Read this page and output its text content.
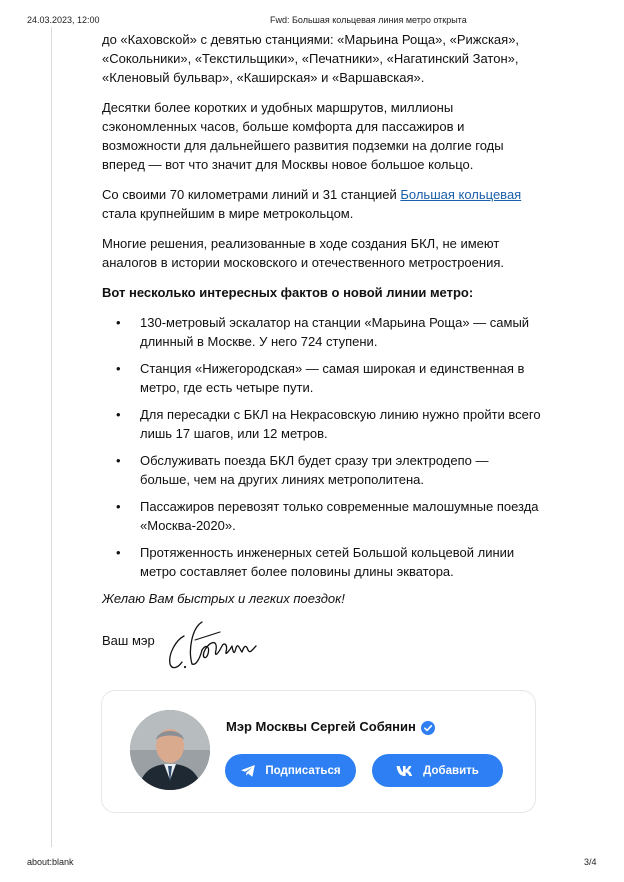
24.03.2023, 12:00	Fwd: Большая кольцевая линия метро открыта

до «Каховской» с девятью станциями: «Марьина Роща», «Рижская», «Сокольники», «Текстильщики», «Печатники», «Нагатинский Затон», «Кленовый бульвар», «Каширская» и «Варшавская».

Десятки более коротких и удобных маршрутов, миллионы сэкономленных часов, больше комфорта для пассажиров и возможности для дальнейшего развития подземки на долгие годы вперед — вот что значит для Москвы новое большое кольцо.

Со своими 70 километрами линий и 31 станцией Большая кольцевая стала крупнейшим в мире метрокольцом.

Многие решения, реализованные в ходе создания БКЛ, не имеют аналогов в истории московского и отечественного метростроения.

Вот несколько интересных фактов о новой линии метро:

• 130-метровый эскалатор на станции «Марьина Роща» — самый длинный в Москве. У него 724 ступени.
• Станция «Нижегородская» — самая широкая и единственная в метро, где есть четыре пути.
• Для пересадки с БКЛ на Некрасовскую линию нужно пройти всего лишь 17 шагов, или 12 метров.
• Обслуживать поезда БКЛ будет сразу три электродепо — больше, чем на других линиях метрополитена.
• Пассажиров перевозят только современные малошумные поезда «Москва-2020».
• Протяженность инженерных сетей Большой кольцевой линии метро составляет более половины длины экватора.

Желаю Вам быстрых и легких поездок!

Ваш мэр
Мэр Москвы Сергей Собянин
Подписаться	Добавить
about:blank	3/4
